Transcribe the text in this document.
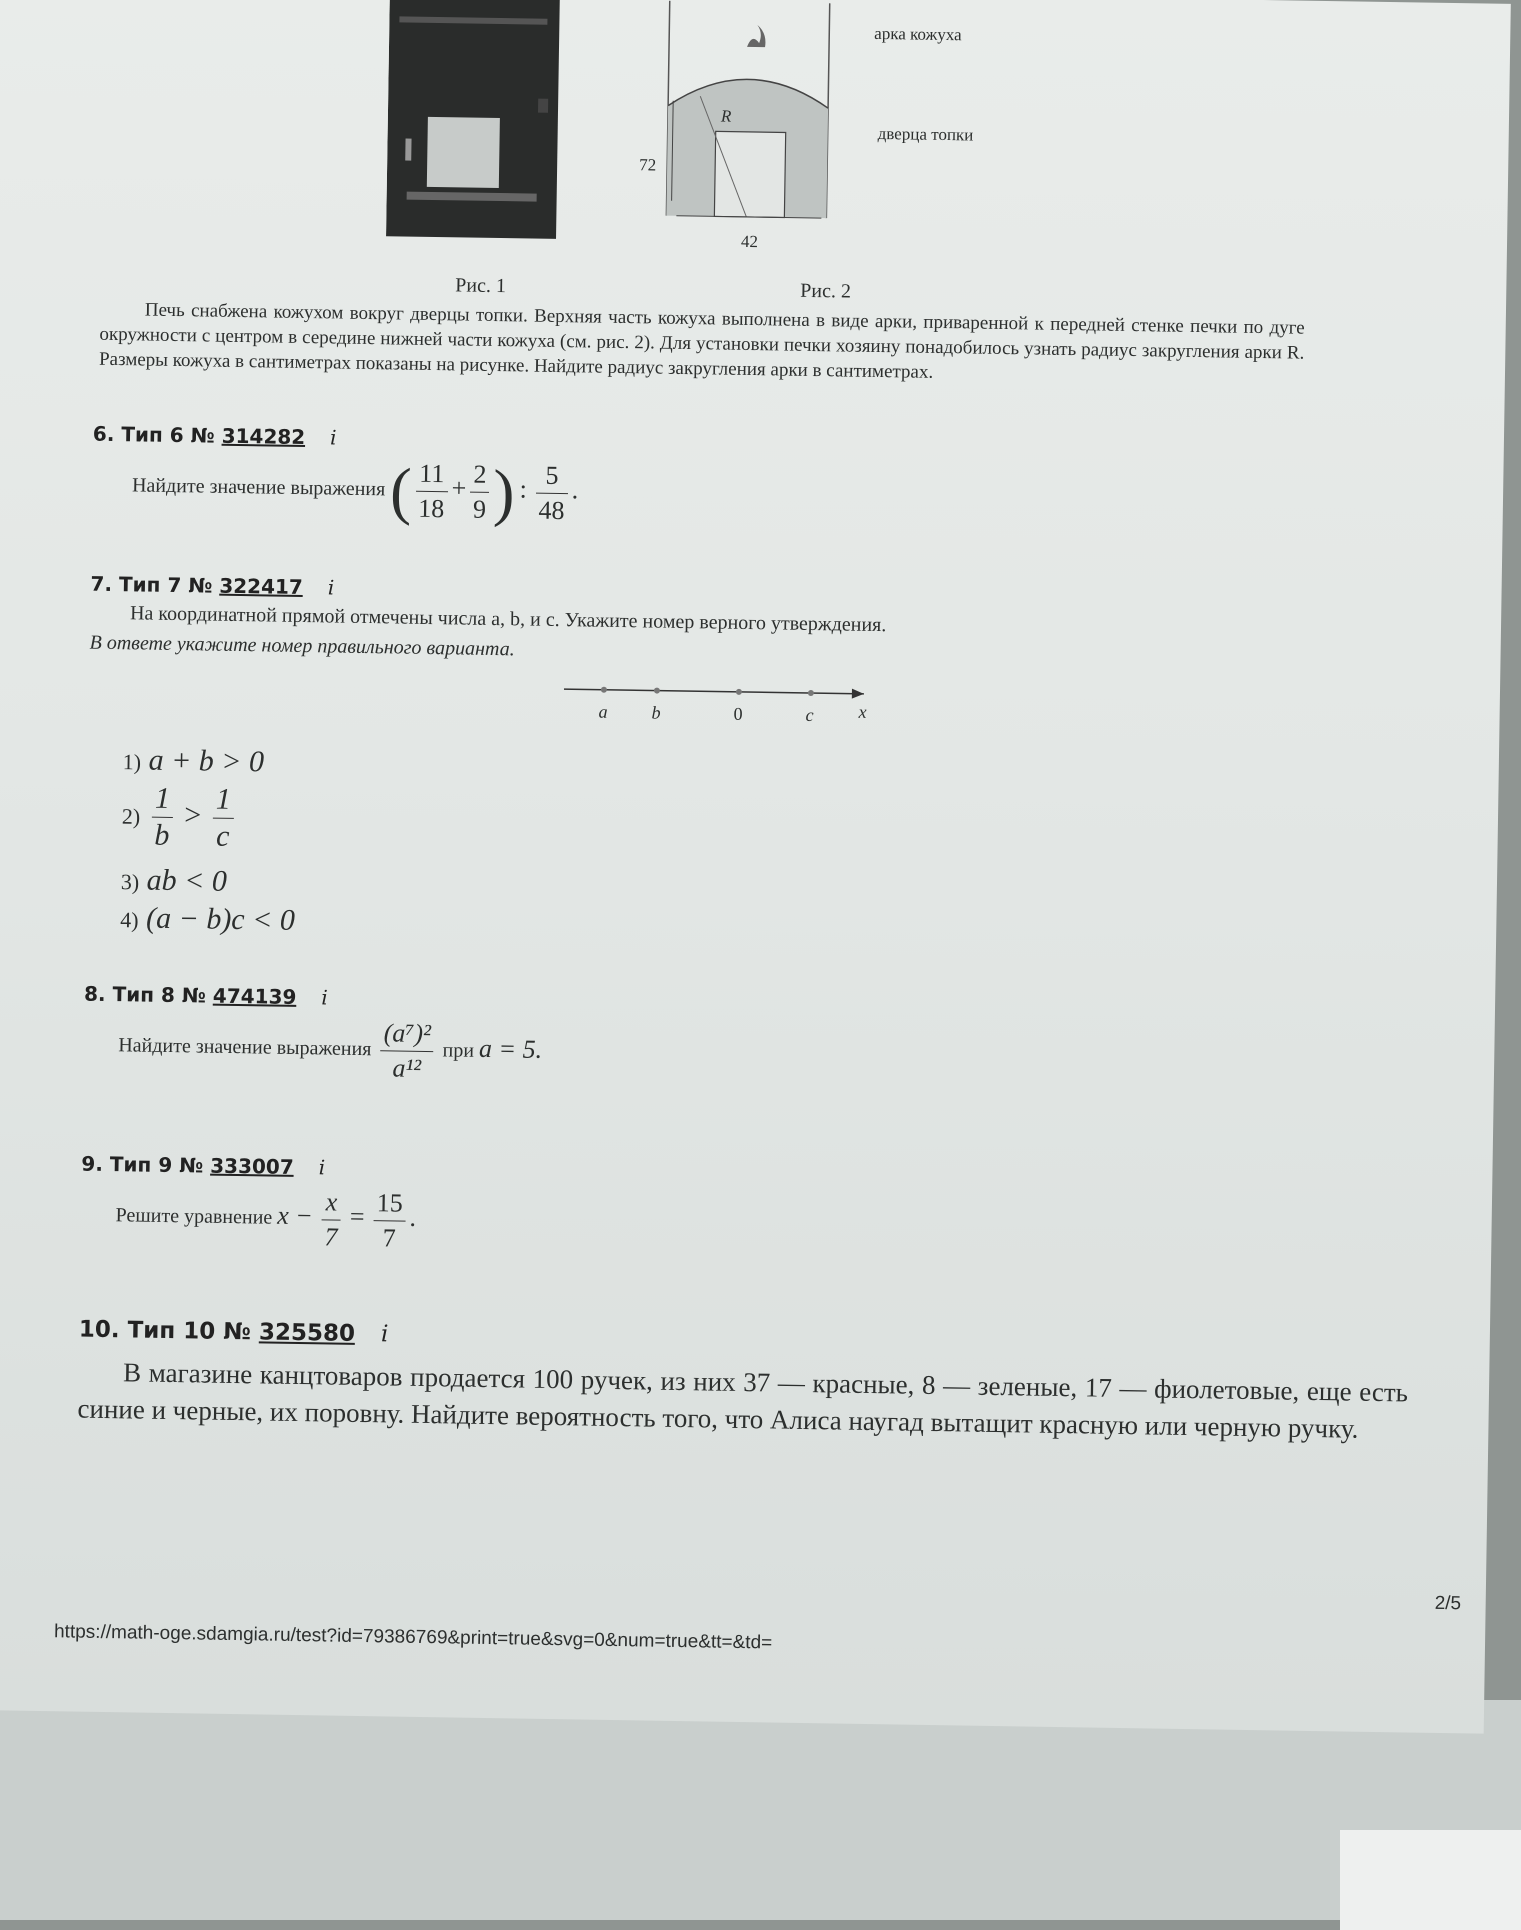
Рис. 1
R
72
42
арка кожуха
дверца топки
Рис. 2
Печь снабжена кожухом вокруг дверцы топки. Верхняя часть кожуха выполнена в виде арки, приваренной к передней стенке печки по дуге окружности с центром в середине нижней части кожуха (см. рис. 2). Для установки печки хозяину понадобилось узнать радиус закругления арки R. Размеры кожуха в сантиметрах показаны на рисунке. Найдите радиус закругления арки в сантиметрах.
6. Тип 6 № 314282 i
Найдите значение выражения ( $\frac{11}{18} + \frac{2}{9}$ ) : $\frac{5}{48}$ .
7. Тип 7 № 322417 i
На координатной прямой отмечены числа a, b, и c. Укажите номер верного утверждения.
В ответе укажите номер правильного варианта.
a b	0	c x
1) a + b > 0
$2) \frac{1}{b} > \frac{1}{c}$
3) ab < 0
4) (a − b)c < 0
8. Тип 8 № 474139 i
Найдите значение выражения $\frac{\text{(a⁷)²}}{\text{a¹²}}$ при a = 5.
9. Тип 9 № 333007 i
Решите уравнение $x - \frac{x}{7} = \frac{15}{7}$ .
10. Тип 10 № 325580 i
В магазине канцтоваров продается 100 ручек, из них 37 — красные, 8 — зеленые, 17 — фиолетовые, еще есть синие и черные, их поровну. Найдите вероятность того, что Алиса наугад вытащит красную или черную ручку.
2/5
https://math-oge.sdamgia.ru/test?id=79386769&print=true&svg=0&num=true&tt=&td=
